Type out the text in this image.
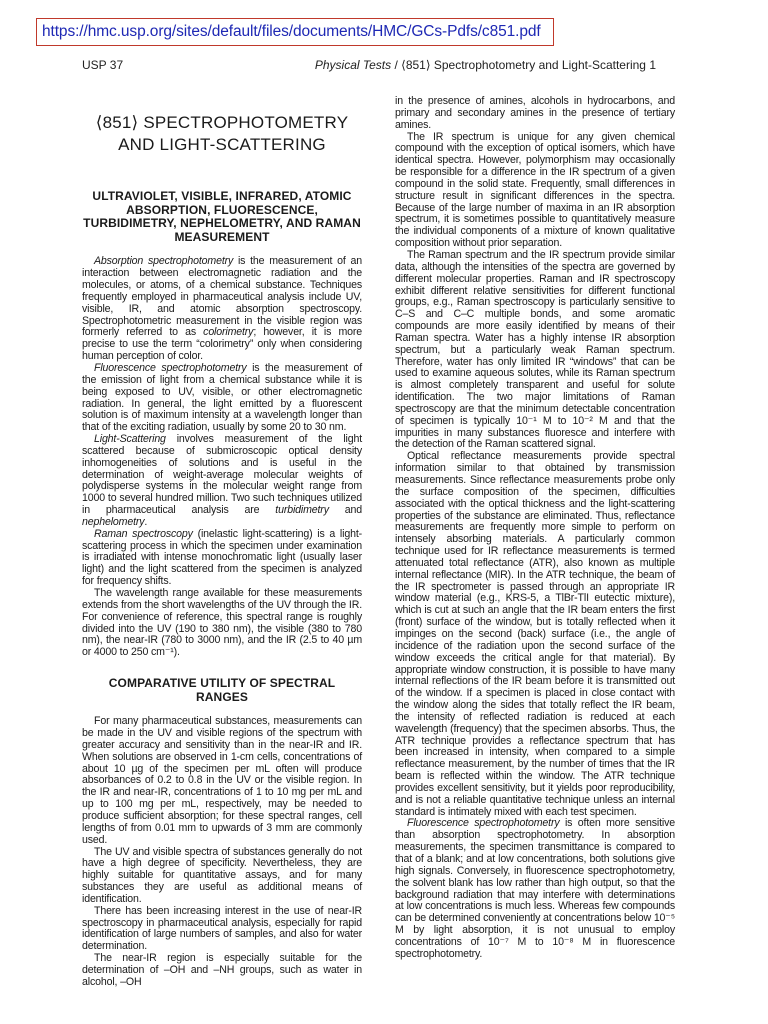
https://hmc.usp.org/sites/default/files/documents/HMC/GCs-Pdfs/c851.pdf
USP 37	Physical Tests / ⟨851⟩ Spectrophotometry and Light-Scattering 1
⟨851⟩ SPECTROPHOTOMETRY AND LIGHT-SCATTERING
ULTRAVIOLET, VISIBLE, INFRARED, ATOMIC ABSORPTION, FLUORESCENCE, TURBIDIMETRY, NEPHELOMETRY, AND RAMAN MEASUREMENT

Absorption spectrophotometry is the measurement of an interaction between electromagnetic radiation and the molecules, or atoms, of a chemical substance. Techniques frequently employed in pharmaceutical analysis include UV, visible, IR, and atomic absorption spectroscopy. Spectrophotometric measurement in the visible region was formerly referred to as colorimetry; however, it is more precise to use the term “colorimetry” only when considering human perception of color.

Fluorescence spectrophotometry is the measurement of the emission of light from a chemical substance while it is being exposed to UV, visible, or other electromagnetic radiation. In general, the light emitted by a fluorescent solution is of maximum intensity at a wavelength longer than that of the exciting radiation, usually by some 20 to 30 nm.

Light-Scattering involves measurement of the light scattered because of submicroscopic optical density inhomogeneities of solutions and is useful in the determination of weight-average molecular weights of polydisperse systems in the molecular weight range from 1000 to several hundred million. Two such techniques utilized in pharmaceutical analysis are turbidimetry and nephelometry.

Raman spectroscopy (inelastic light-scattering) is a light-scattering process in which the specimen under examination is irradiated with intense monochromatic light (usually laser light) and the light scattered from the specimen is analyzed for frequency shifts.

The wavelength range available for these measurements extends from the short wavelengths of the UV through the IR. For convenience of reference, this spectral range is roughly divided into the UV (190 to 380 nm), the visible (380 to 780 nm), the near-IR (780 to 3000 nm), and the IR (2.5 to 40 µm or 4000 to 250 cm⁻¹).

COMPARATIVE UTILITY OF SPECTRAL RANGES

For many pharmaceutical substances, measurements can be made in the UV and visible regions of the spectrum with greater accuracy and sensitivity than in the near-IR and IR. When solutions are observed in 1-cm cells, concentrations of about 10 µg of the specimen per mL often will produce absorbances of 0.2 to 0.8 in the UV or the visible region. In the IR and near-IR, concentrations of 1 to 10 mg per mL and up to 100 mg per mL, respectively, may be needed to produce sufficient absorption; for these spectral ranges, cell lengths of from 0.01 mm to upwards of 3 mm are commonly used.

The UV and visible spectra of substances generally do not have a high degree of specificity. Nevertheless, they are highly suitable for quantitative assays, and for many substances they are useful as additional means of identification.

There has been increasing interest in the use of near-IR spectroscopy in pharmaceutical analysis, especially for rapid identification of large numbers of samples, and also for water determination.

The near-IR region is especially suitable for the determination of –OH and –NH groups, such as water in alcohol, –OH

in the presence of amines, alcohols in hydrocarbons, and primary and secondary amines in the presence of tertiary amines.

The IR spectrum is unique for any given chemical compound with the exception of optical isomers, which have identical spectra. However, polymorphism may occasionally be responsible for a difference in the IR spectrum of a given compound in the solid state. Frequently, small differences in structure result in significant differences in the spectra. Because of the large number of maxima in an IR absorption spectrum, it is sometimes possible to quantitatively measure the individual components of a mixture of known qualitative composition without prior separation.

The Raman spectrum and the IR spectrum provide similar data, although the intensities of the spectra are governed by different molecular properties. Raman and IR spectroscopy exhibit different relative sensitivities for different functional groups, e.g., Raman spectroscopy is particularly sensitive to C–S and C–C multiple bonds, and some aromatic compounds are more easily identified by means of their Raman spectra. Water has a highly intense IR absorption spectrum, but a particularly weak Raman spectrum. Therefore, water has only limited IR “windows” that can be used to examine aqueous solutes, while its Raman spectrum is almost completely transparent and useful for solute identification. The two major limitations of Raman spectroscopy are that the minimum detectable concentration of specimen is typically 10⁻¹ M to 10⁻² M and that the impurities in many substances fluoresce and interfere with the detection of the Raman scattered signal.

Optical reflectance measurements provide spectral information similar to that obtained by transmission measurements. Since reflectance measurements probe only the surface composition of the specimen, difficulties associated with the optical thickness and the light-scattering properties of the substance are eliminated. Thus, reflectance measurements are frequently more simple to perform on intensely absorbing materials. A particularly common technique used for IR reflectance measurements is termed attenuated total reflectance (ATR), also known as multiple internal reflectance (MIR). In the ATR technique, the beam of the IR spectrometer is passed through an appropriate IR window material (e.g., KRS-5, a TlBr-TlI eutectic mixture), which is cut at such an angle that the IR beam enters the first (front) surface of the window, but is totally reflected when it impinges on the second (back) surface (i.e., the angle of incidence of the radiation upon the second surface of the window exceeds the critical angle for that material). By appropriate window construction, it is possible to have many internal reflections of the IR beam before it is transmitted out of the window. If a specimen is placed in close contact with the window along the sides that totally reflect the IR beam, the intensity of reflected radiation is reduced at each wavelength (frequency) that the specimen absorbs. Thus, the ATR technique provides a reflectance spectrum that has been increased in intensity, when compared to a simple reflectance measurement, by the number of times that the IR beam is reflected within the window. The ATR technique provides excellent sensitivity, but it yields poor reproducibility, and is not a reliable quantitative technique unless an internal standard is intimately mixed with each test specimen.

Fluorescence spectrophotometry is often more sensitive than absorption spectrophotometry. In absorption measurements, the specimen transmittance is compared to that of a blank; and at low concentrations, both solutions give high signals. Conversely, in fluorescence spectrophotometry, the solvent blank has low rather than high output, so that the background radiation that may interfere with determinations at low concentrations is much less. Whereas few compounds can be determined conveniently at concentrations below 10⁻⁵ M by light absorption, it is not unusual to employ concentrations of 10⁻⁷ M to 10⁻⁸ M in fluorescence spectrophotometry.
